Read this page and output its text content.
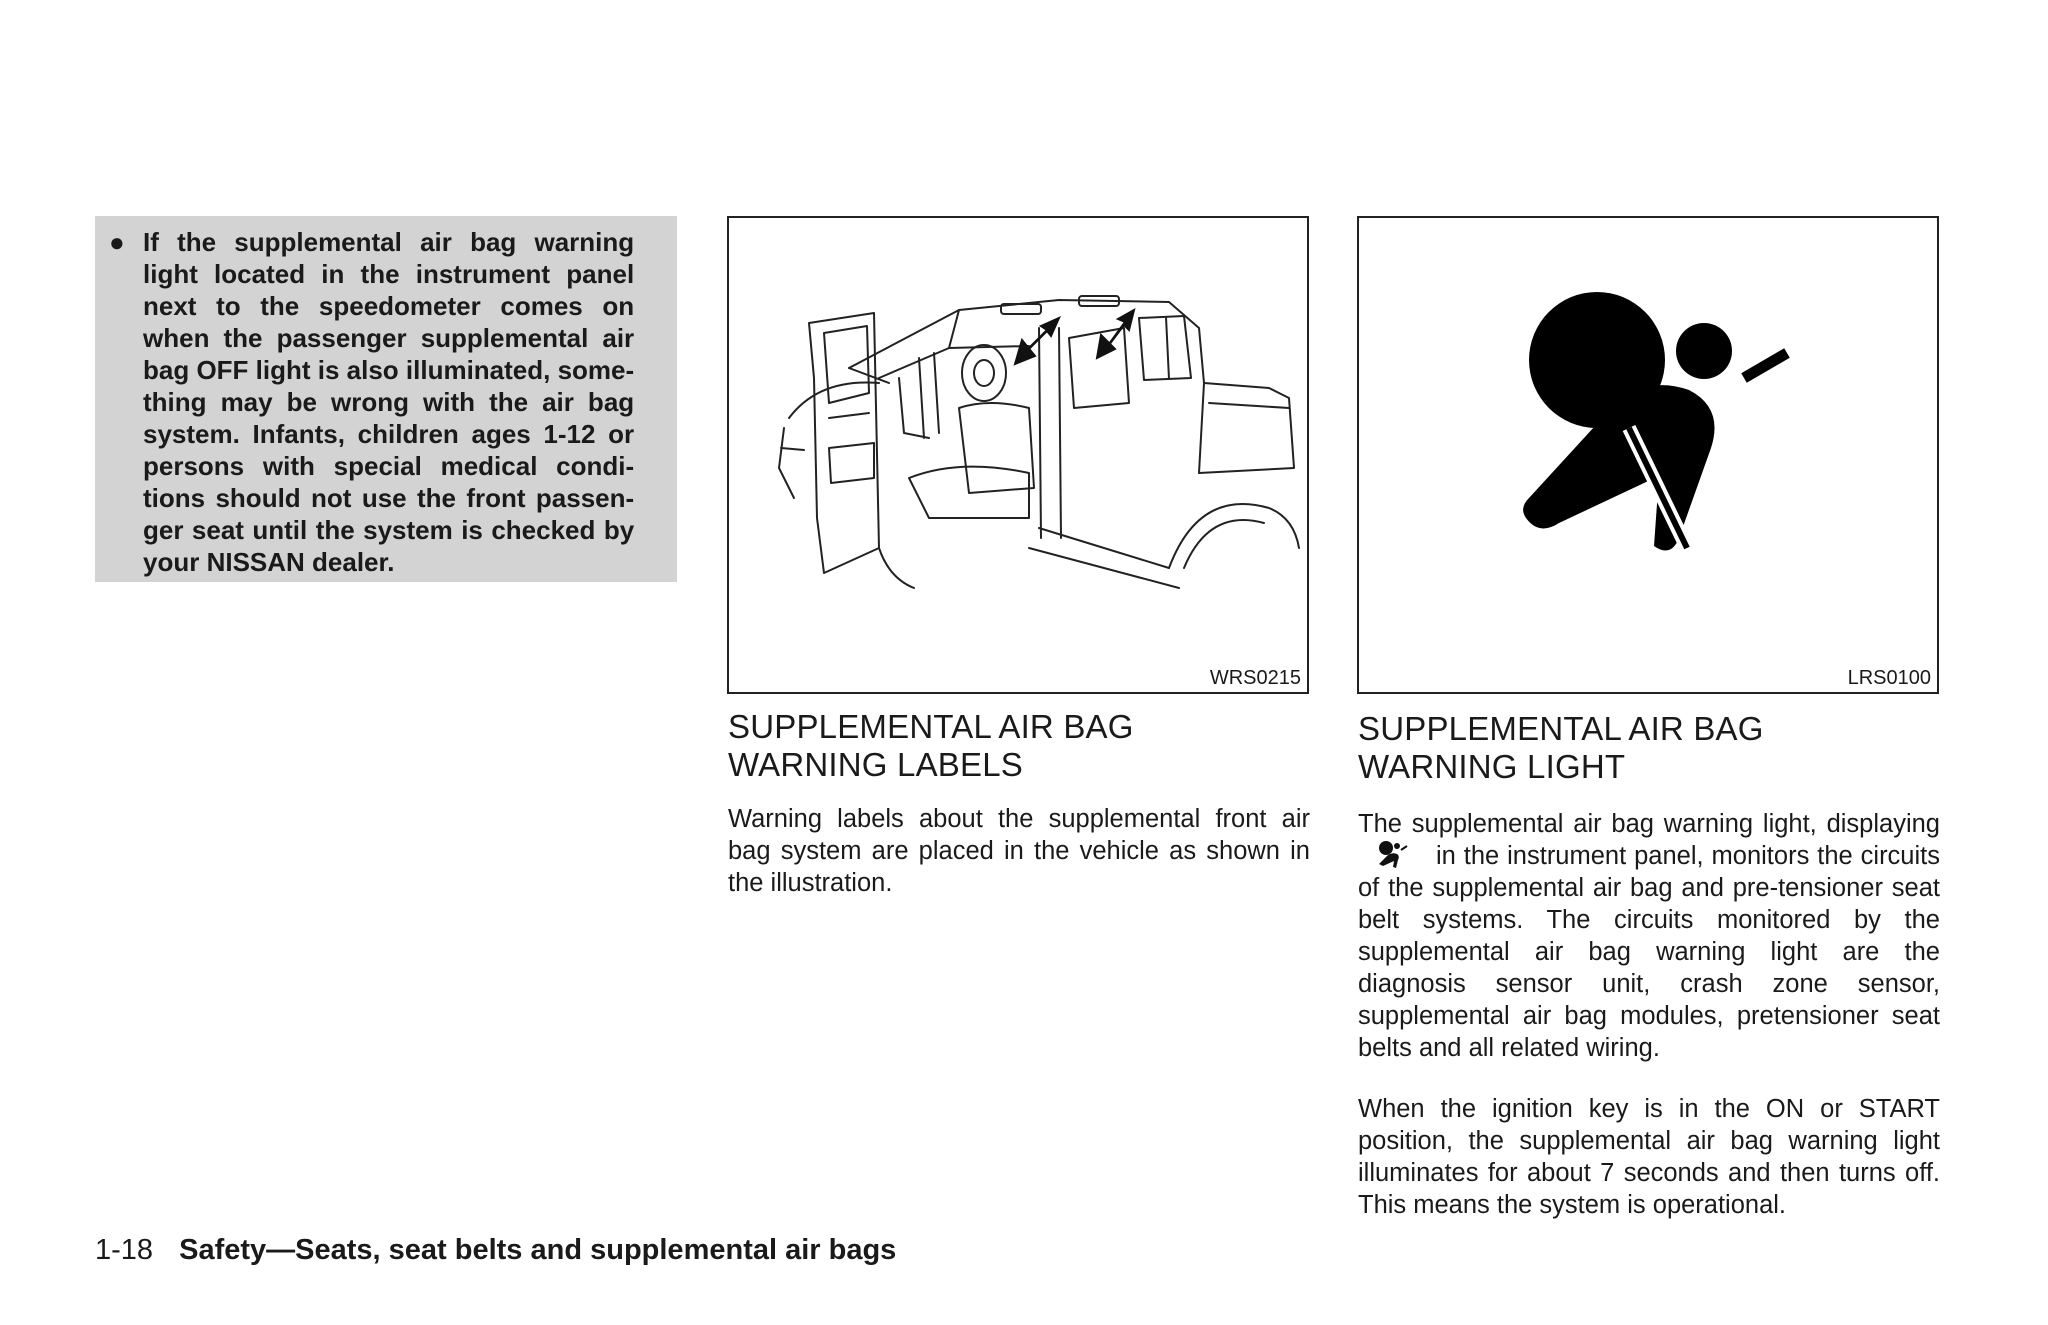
● If the supplemental air bag warning
light located in the instrument panel
next to the speedometer comes on
when the passenger supplemental air
bag OFF light is also illuminated, some-
thing may be wrong with the air bag
system. Infants, children ages 1-12 or
persons with special medical condi-
tions should not use the front passen-
ger seat until the system is checked by
your NISSAN dealer.
WRS0215	LRS0100
SUPPLEMENTAL AIR BAG
WARNING LABELS

Warning labels about the supplemental front air bag system are placed in the vehicle as shown in the illustration.

SUPPLEMENTAL AIR BAG
WARNING LIGHT

The supplemental air bag warning light, displaying  in the instrument panel, monitors the circuits of the supplemental air bag and pre-tensioner seat belt systems. The circuits monitored by the supplemental air bag warning light are the diagnosis sensor unit, crash zone sensor, supplemental air bag modules, pretensioner seat belts and all related wiring.

When the ignition key is in the ON or START position, the supplemental air bag warning light illuminates for about 7 seconds and then turns off. This means the system is operational.

1-18 Safety—Seats, seat belts and supplemental air bags
